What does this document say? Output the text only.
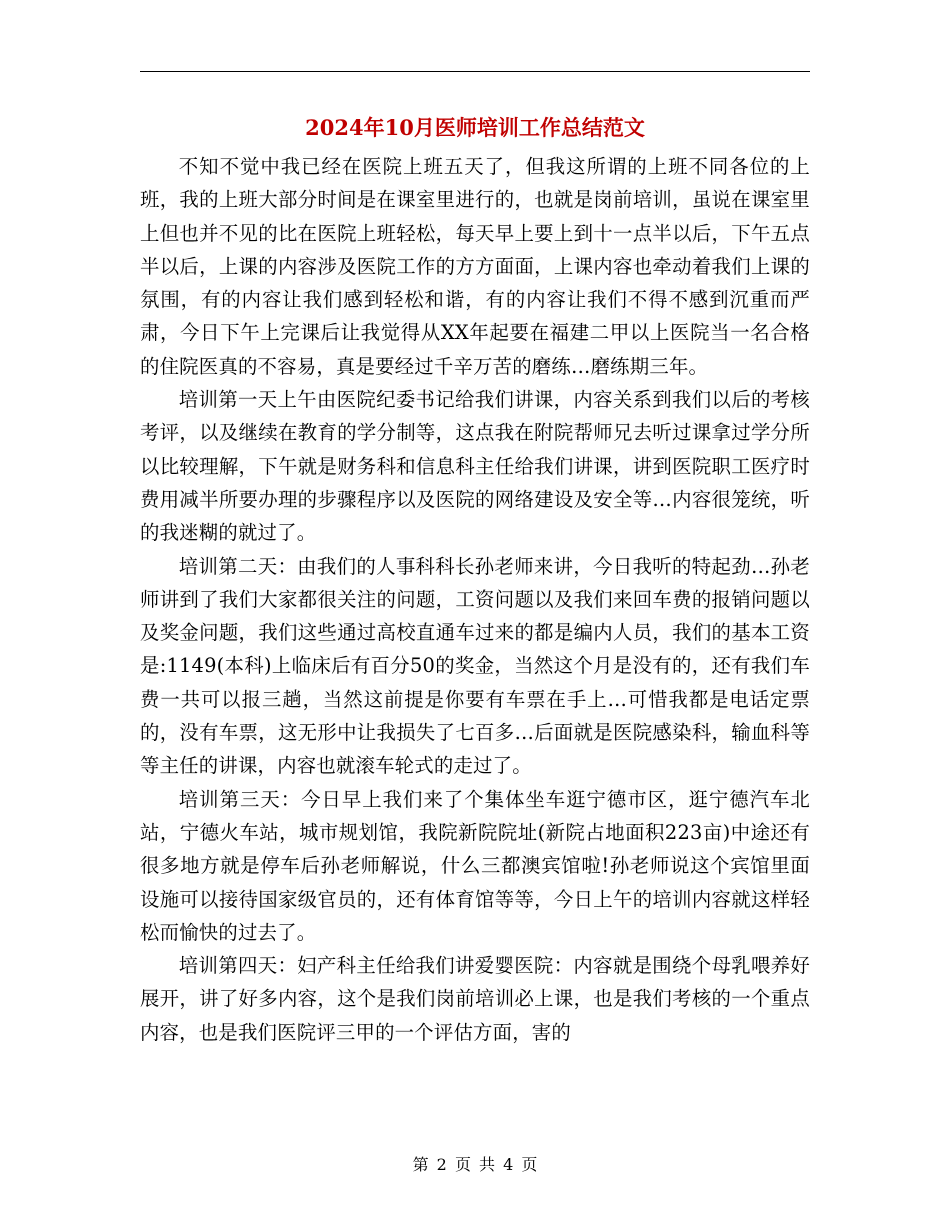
2024年10月医师培训工作总结范文

不知不觉中我已经在医院上班五天了，但我这所谓的上班不同各位的上班，我的上班大部分时间是在课室里进行的，也就是岗前培训，虽说在课室里上但也并不见的比在医院上班轻松，每天早上要上到十一点半以后，下午五点半以后，上课的内容涉及医院工作的方方面面，上课内容也牵动着我们上课的氛围，有的内容让我们感到轻松和谐，有的内容让我们不得不感到沉重而严肃，今日下午上完课后让我觉得从XX年起要在福建二甲以上医院当一名合格的住院医真的不容易，真是要经过千辛万苦的磨练…磨练期三年。

培训第一天上午由医院纪委书记给我们讲课，内容关系到我们以后的考核考评，以及继续在教育的学分制等，这点我在附院帮师兄去听过课拿过学分所以比较理解，下午就是财务科和信息科主任给我们讲课，讲到医院职工医疗时费用减半所要办理的步骤程序以及医院的网络建设及安全等…内容很笼统，听的我迷糊的就过了。

培训第二天：由我们的人事科科长孙老师来讲，今日我听的特起劲…孙老师讲到了我们大家都很关注的问题，工资问题以及我们来回车费的报销问题以及奖金问题，我们这些通过高校直通车过来的都是编内人员，我们的基本工资是:1149(本科)上临床后有百分50的奖金，当然这个月是没有的，还有我们车费一共可以报三趟，当然这前提是你要有车票在手上…可惜我都是电话定票的，没有车票，这无形中让我损失了七百多…后面就是医院感染科，输血科等等主任的讲课，内容也就滚车轮式的走过了。

培训第三天：今日早上我们来了个集体坐车逛宁德市区，逛宁德汽车北站，宁德火车站，城市规划馆，我院新院院址(新院占地面积223亩)中途还有很多地方就是停车后孙老师解说，什么三都澳宾馆啦!孙老师说这个宾馆里面设施可以接待国家级官员的，还有体育馆等等，今日上午的培训内容就这样轻松而愉快的过去了。

培训第四天：妇产科主任给我们讲爱婴医院：内容就是围绕个母乳喂养好展开，讲了好多内容，这个是我们岗前培训必上课，也是我们考核的一个重点内容，也是我们医院评三甲的一个评估方面，害的

第 2 页 共 4 页
